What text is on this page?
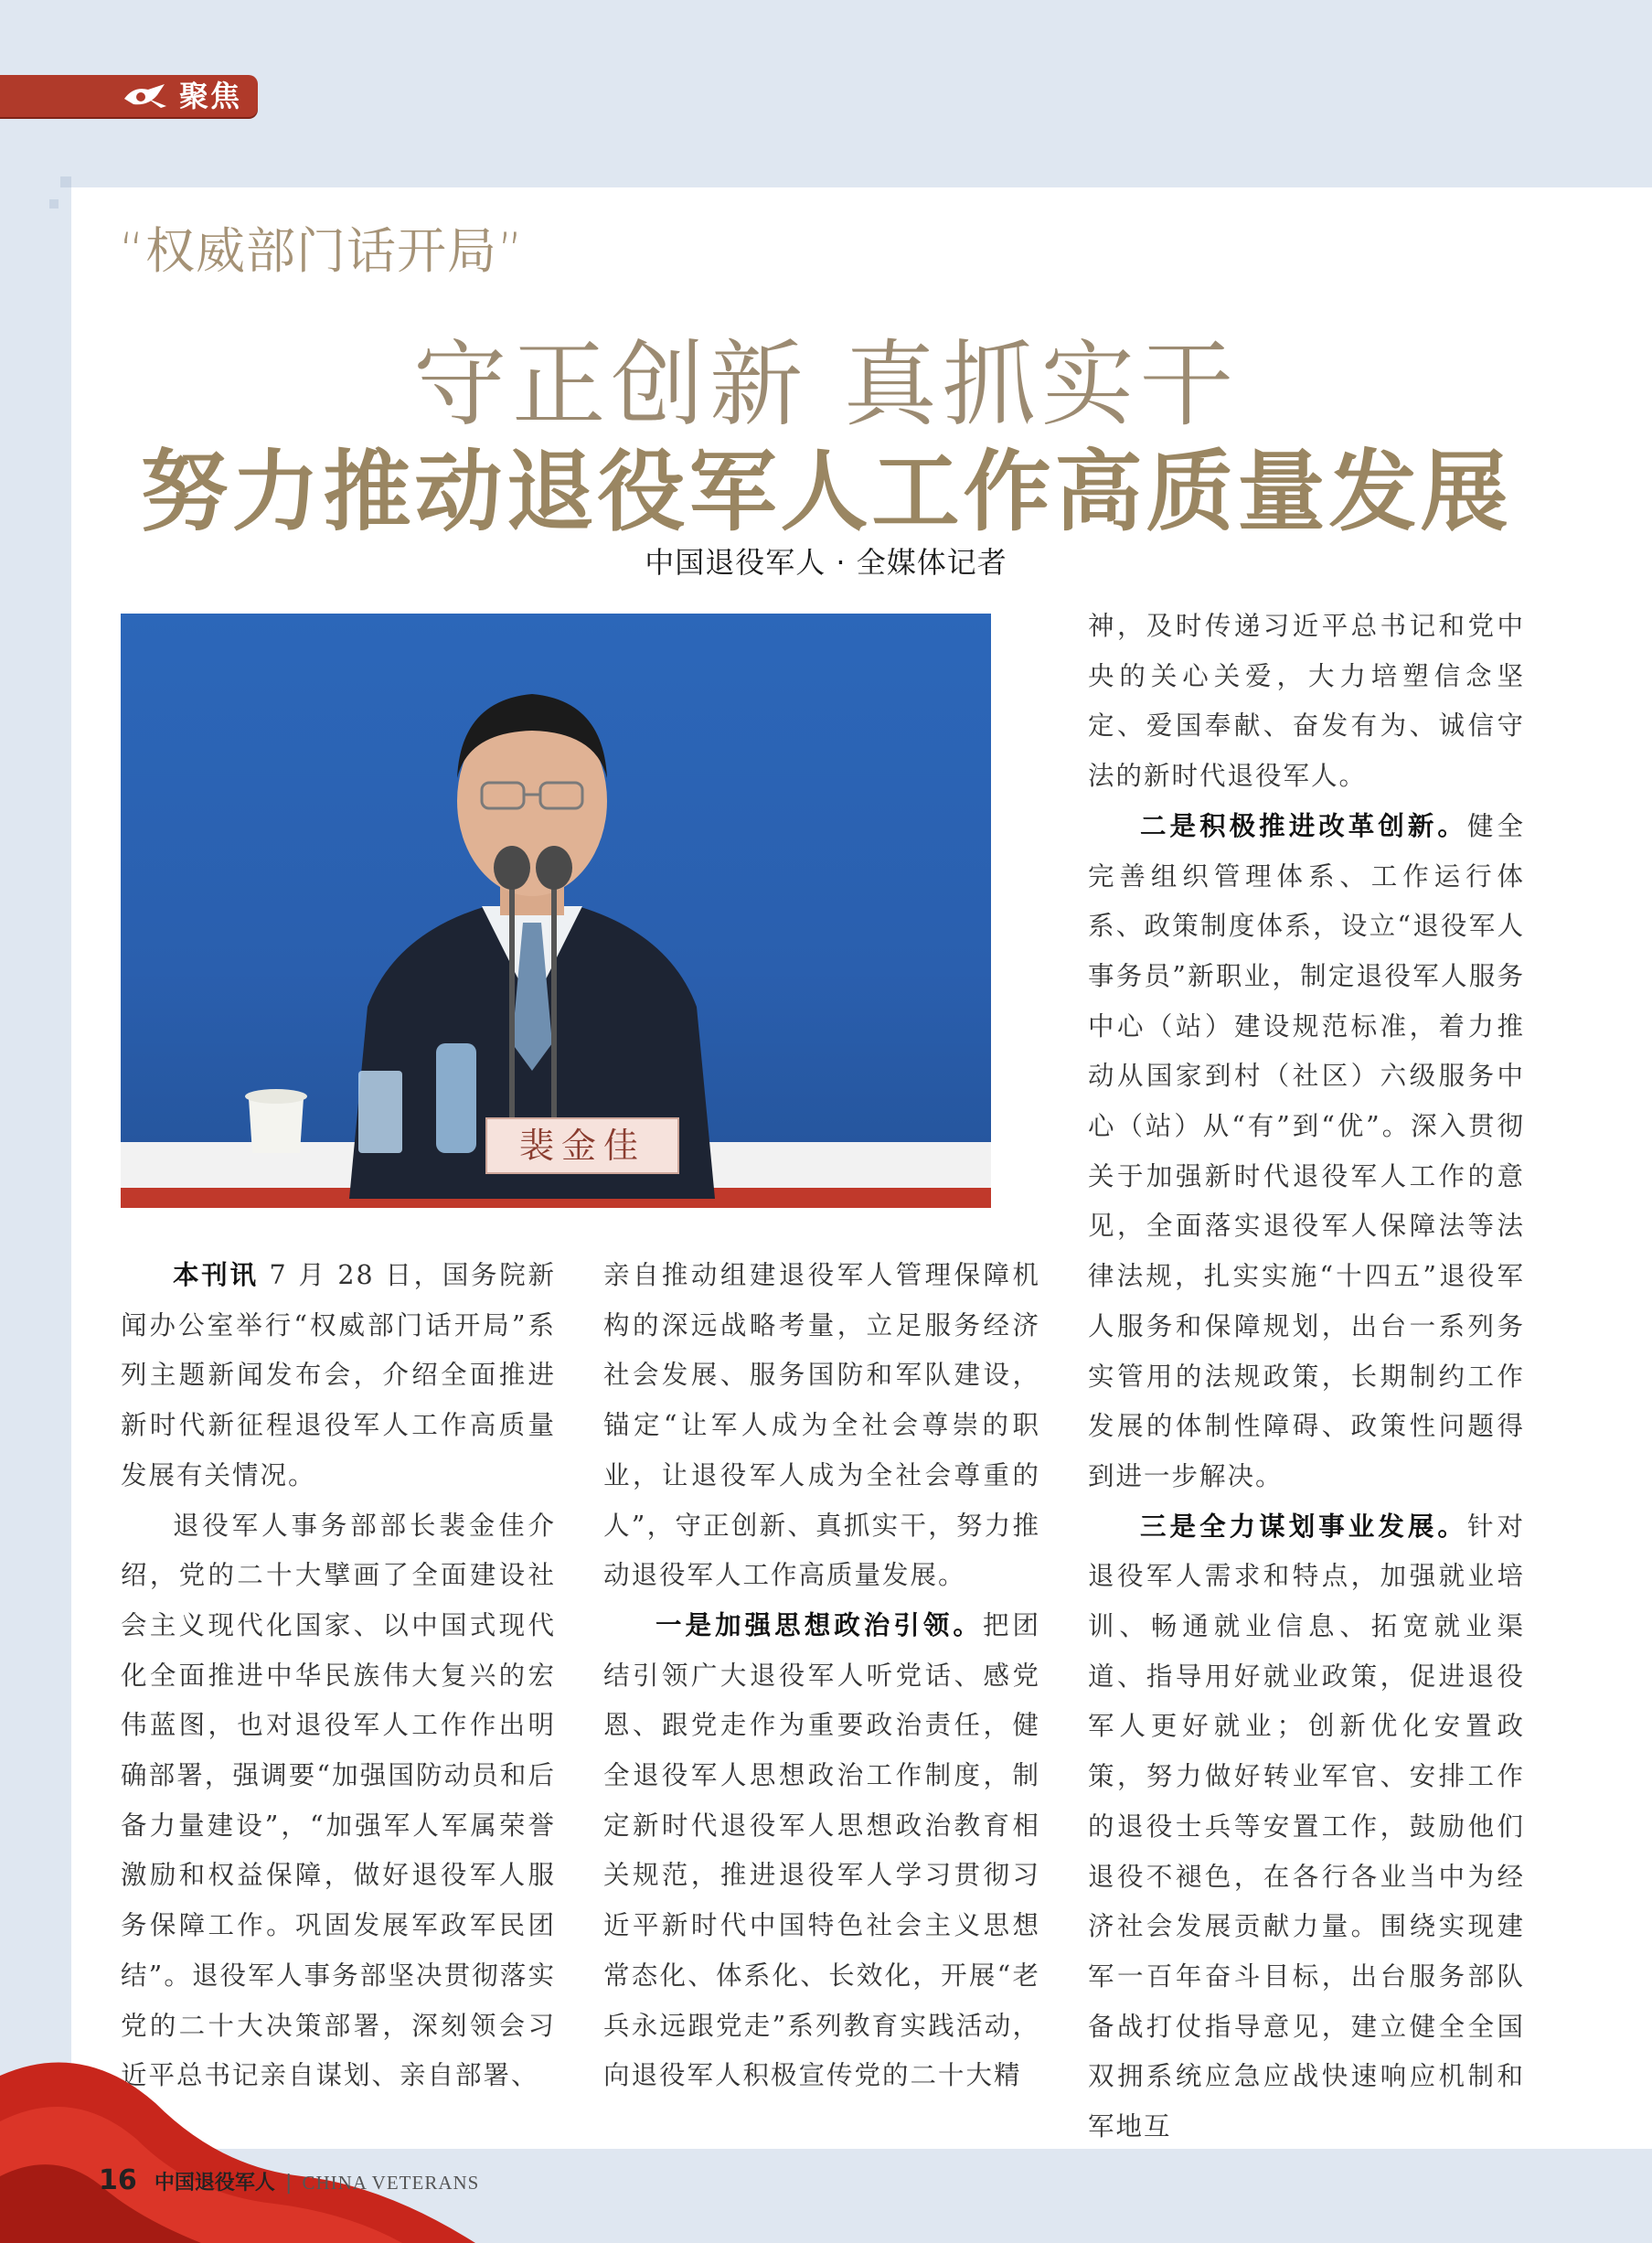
聚焦
“权威部门话开局”
守正创新 真抓实干
努力推动退役军人工作高质量发展
中国退役军人 · 全媒体记者
裴金佳

本刊讯 7 月 28 日，国务院新闻办公室举行“权威部门话开局”系列主题新闻发布会，介绍全面推进新时代新征程退役军人工作高质量发展有关情况。

退役军人事务部部长裴金佳介绍，党的二十大擘画了全面建设社会主义现代化国家、以中国式现代化全面推进中华民族伟大复兴的宏伟蓝图，也对退役军人工作作出明确部署，强调要“加强国防动员和后备力量建设”，“加强军人军属荣誉激励和权益保障，做好退役军人服务保障工作。巩固发展军政军民团结”。退役军人事务部坚决贯彻落实党的二十大决策部署，深刻领会习近平总书记亲自谋划、亲自部署、

亲自推动组建退役军人管理保障机构的深远战略考量，立足服务经济社会发展、服务国防和军队建设，锚定“让军人成为全社会尊崇的职业，让退役军人成为全社会尊重的人”，守正创新、真抓实干，努力推动退役军人工作高质量发展。

一是加强思想政治引领。把团结引领广大退役军人听党话、感党恩、跟党走作为重要政治责任，健全退役军人思想政治工作制度，制定新时代退役军人思想政治教育相关规范，推进退役军人学习贯彻习近平新时代中国特色社会主义思想常态化、体系化、长效化，开展“老兵永远跟党走”系列教育实践活动，向退役军人积极宣传党的二十大精

神，及时传递习近平总书记和党中央的关心关爱，大力培塑信念坚定、爱国奉献、奋发有为、诚信守法的新时代退役军人。

二是积极推进改革创新。健全完善组织管理体系、工作运行体系、政策制度体系，设立“退役军人事务员”新职业，制定退役军人服务中心（站）建设规范标准，着力推动从国家到村（社区）六级服务中心（站）从“有”到“优”。深入贯彻关于加强新时代退役军人工作的意见，全面落实退役军人保障法等法律法规，扎实实施“十四五”退役军人服务和保障规划，出台一系列务实管用的法规政策，长期制约工作发展的体制性障碍、政策性问题得到进一步解决。

三是全力谋划事业发展。针对退役军人需求和特点，加强就业培训、畅通就业信息、拓宽就业渠道、指导用好就业政策，促进退役军人更好就业；创新优化安置政策，努力做好转业军官、安排工作的退役士兵等安置工作，鼓励他们退役不褪色，在各行各业当中为经济社会发展贡献力量。围绕实现建军一百年奋斗目标，出台服务部队备战打仗指导意见，建立健全全国双拥系统应急应战快速响应机制和军地互

16 中国退役军人 | CHINA VETERANS
